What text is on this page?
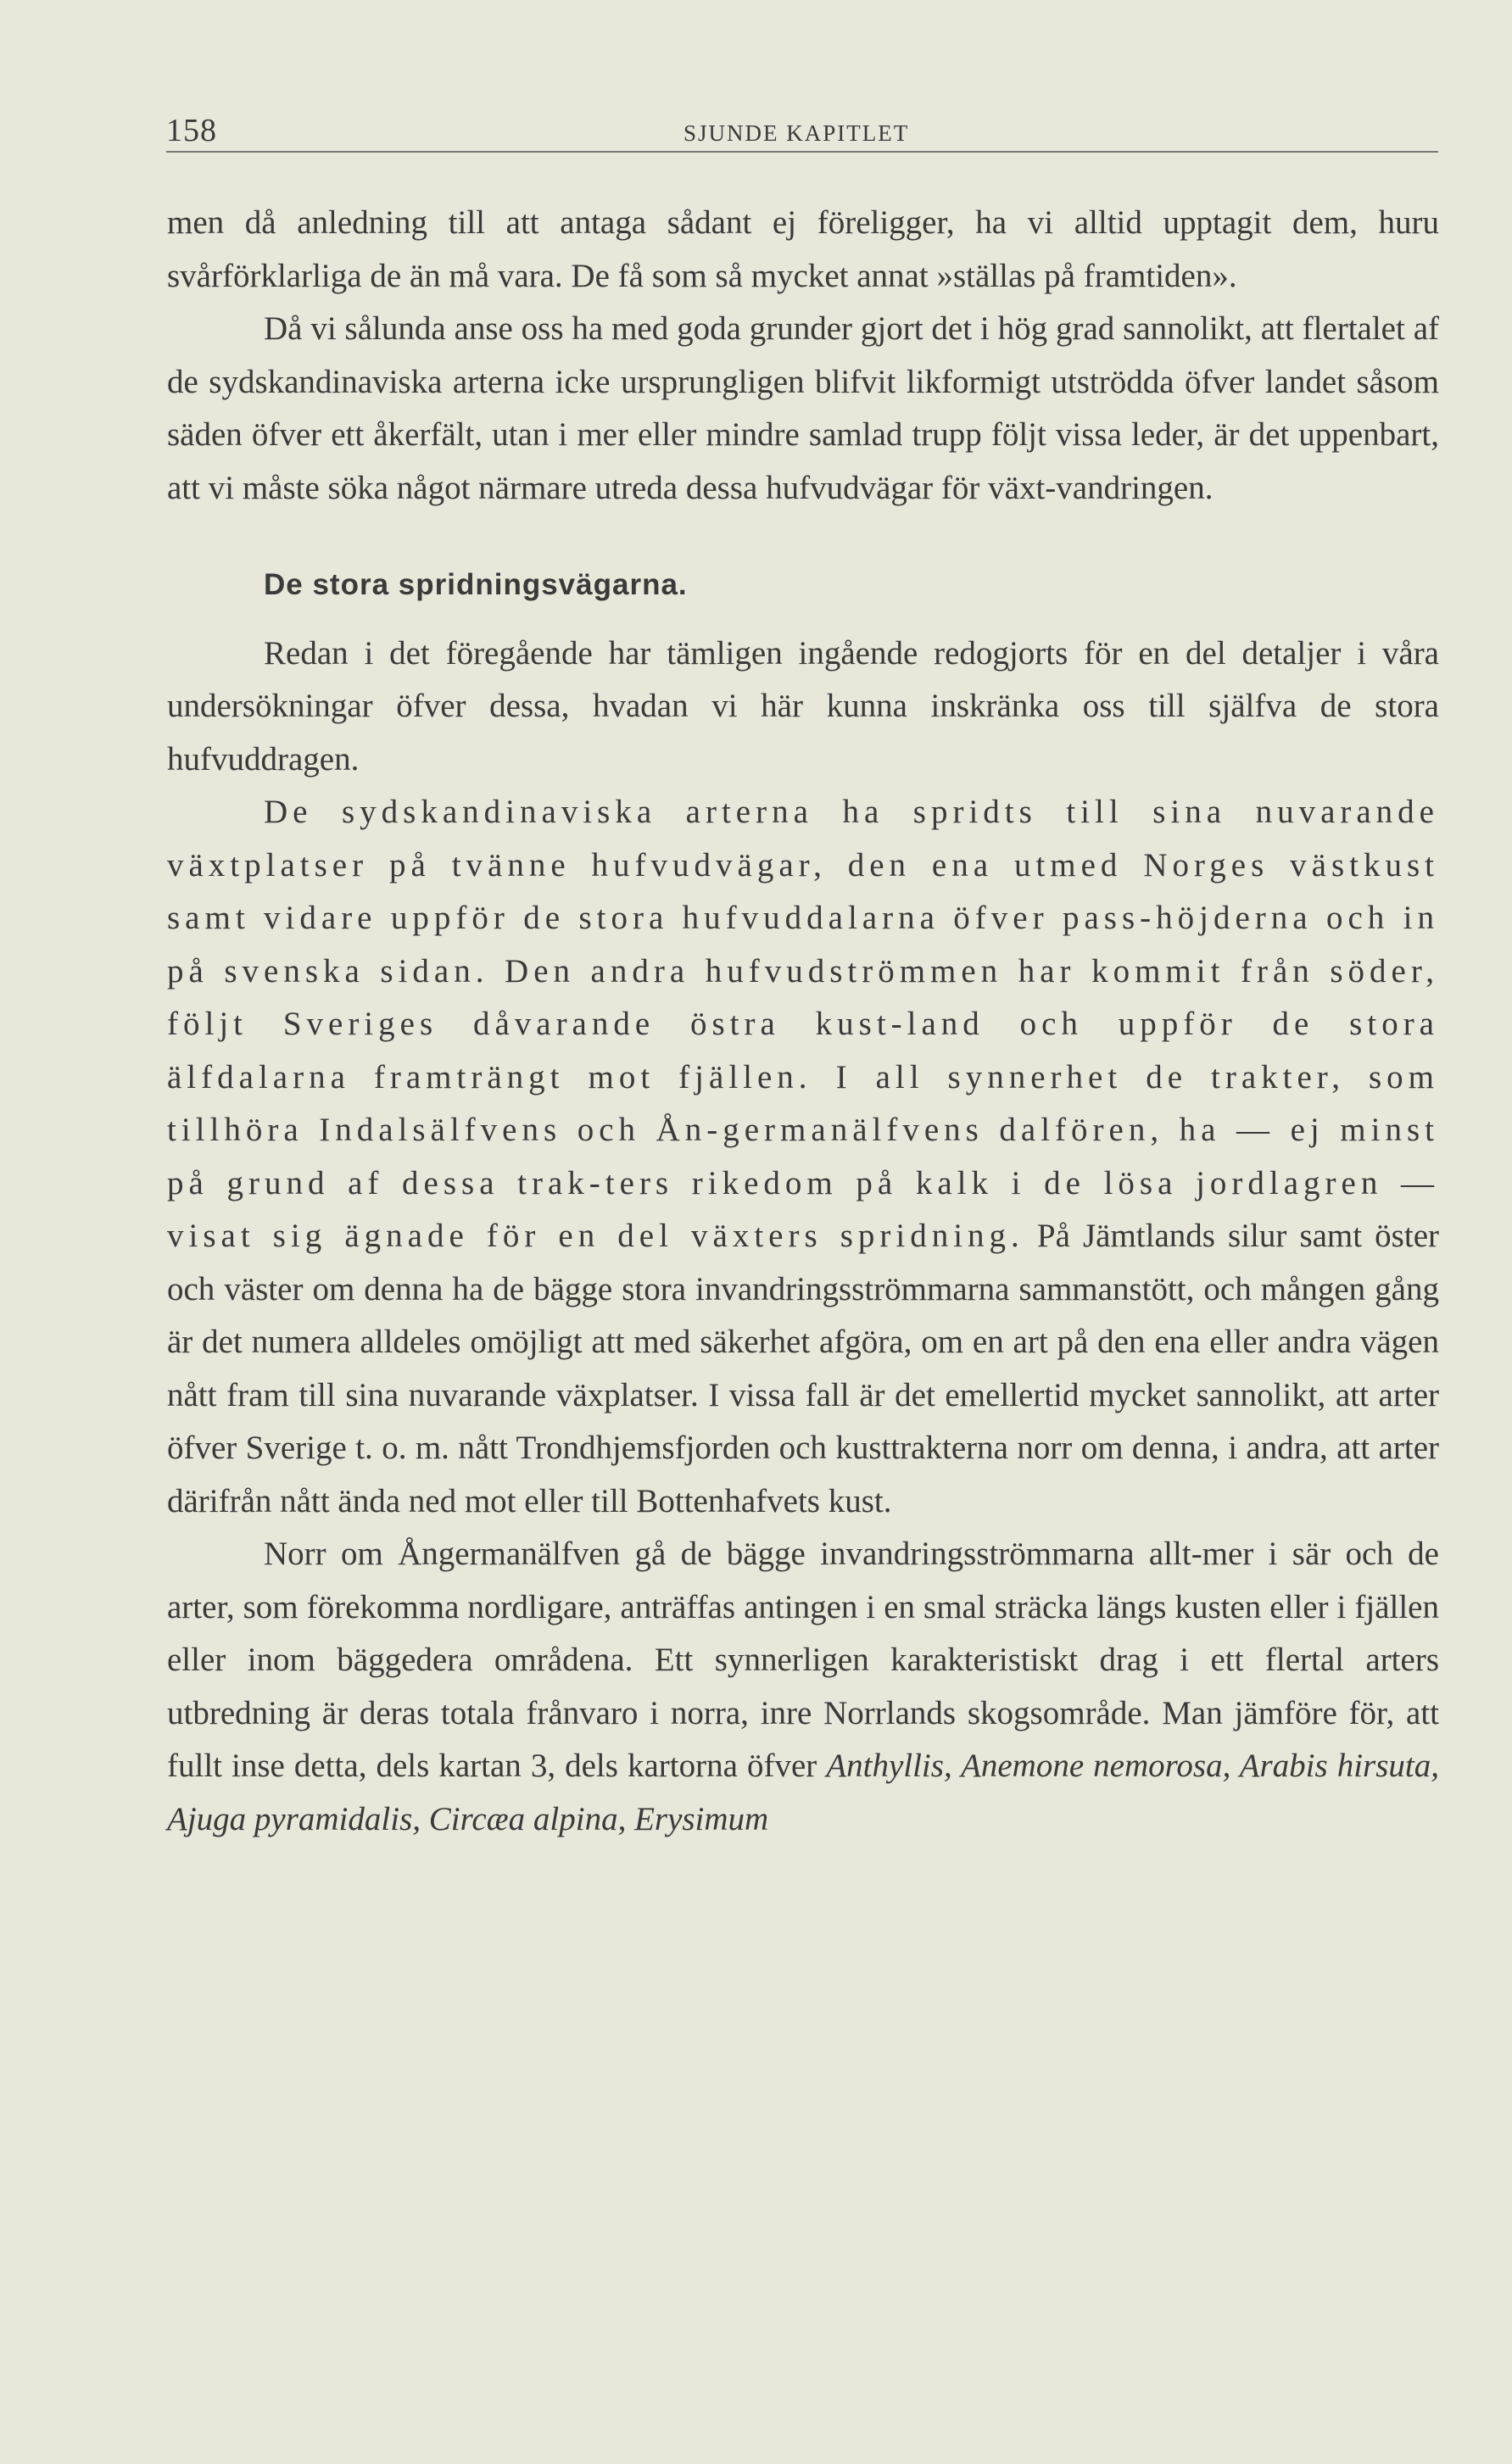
158	SJUNDE KAPITLET

men då anledning till att antaga sådant ej föreligger, ha vi alltid upptagit dem, huru svårförklarliga de än må vara. De få som så mycket annat »ställas på framtiden».

Då vi sålunda anse oss ha med goda grunder gjort det i hög grad sannolikt, att flertalet af de sydskandinaviska arterna icke ursprungligen blifvit likformigt utströdda öfver landet såsom säden öfver ett åkerfält, utan i mer eller mindre samlad trupp följt vissa leder, är det uppenbart, att vi måste söka något närmare utreda dessa hufvudvägar för växt-vandringen.

De stora spridningsvägarna.

Redan i det föregående har tämligen ingående redogjorts för en del detaljer i våra undersökningar öfver dessa, hvadan vi här kunna inskränka oss till själfva de stora hufvuddragen.

De sydskandinaviska arterna ha spridts till sina nuvarande växtplatser på tvänne hufvudvägar, den ena utmed Norges västkust samt vidare uppför de stora hufvuddalarna öfver pass-höjderna och in på svenska sidan. Den andra hufvudströmmen har kommit från söder, följt Sveriges dåvarande östra kust-land och uppför de stora älfdalarna framträngt mot fjällen. I all synnerhet de trakter, som tillhöra Indalsälfvens och Ån-germanälfvens dalfören, ha — ej minst på grund af dessa trak-ters rikedom på kalk i de lösa jordlagren — visat sig ägnade för en del växters spridning. På Jämtlands silur samt öster och väster om denna ha de bägge stora invandringsströmmarna sammanstött, och mången gång är det numera alldeles omöjligt att med säkerhet afgöra, om en art på den ena eller andra vägen nått fram till sina nuvarande växplatser. I vissa fall är det emellertid mycket sannolikt, att arter öfver Sverige t. o. m. nått Trondhjemsfjorden och kusttrakterna norr om denna, i andra, att arter därifrån nått ända ned mot eller till Bottenhafvets kust.

Norr om Ångermanälfven gå de bägge invandringsströmmarna allt-mer i sär och de arter, som förekomma nordligare, anträffas antingen i en smal sträcka längs kusten eller i fjällen eller inom bäggedera områdena. Ett synnerligen karakteristiskt drag i ett flertal arters utbredning är deras totala frånvaro i norra, inre Norrlands skogsområde. Man jämföre för, att fullt inse detta, dels kartan 3, dels kartorna öfver Anthyllis, Anemone nemorosa, Arabis hirsuta, Ajuga pyramidalis, Circæa alpina, Erysimum
